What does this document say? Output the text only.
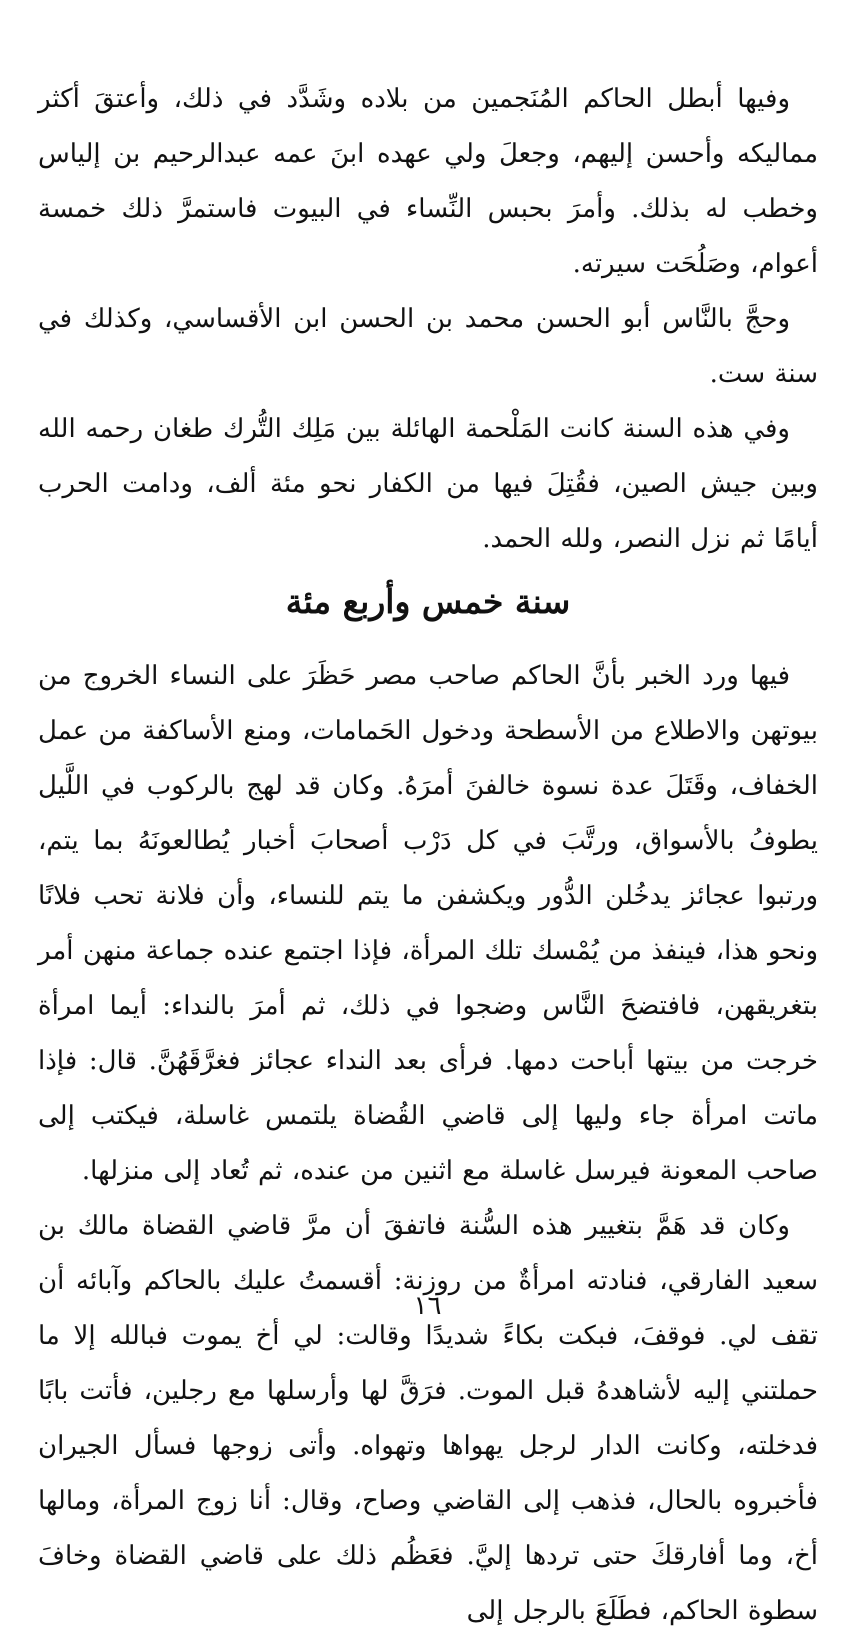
وفيها أبطل الحاكم المُنَجمين من بلاده وشَدَّد في ذلك، وأعتقَ أكثر مماليكه وأحسن إليهم، وجعلَ ولي عهده ابنَ عمه عبدالرحيم بن إلياس وخطب له بذلك. وأمرَ بحبس النِّساء في البيوت فاستمرَّ ذلك خمسة أعوام، وصَلُحَت سيرته.

وحجَّ بالنَّاس أبو الحسن محمد بن الحسن ابن الأقساسي، وكذلك في سنة ست.

وفي هذه السنة كانت المَلْحمة الهائلة بين مَلِك التُّرك طغان رحمه الله وبين جيش الصين، فقُتِلَ فيها من الكفار نحو مئة ألف، ودامت الحرب أيامًا ثم نزل النصر، ولله الحمد.

سنة خمس وأربع مئة

فيها ورد الخبر بأنَّ الحاكم صاحب مصر حَظَرَ على النساء الخروج من بيوتهن والاطلاع من الأسطحة ودخول الحَمامات، ومنع الأساكفة من عمل الخفاف، وقَتَلَ عدة نسوة خالفنَ أمرَهُ. وكان قد لهج بالركوب في اللَّيل يطوفُ بالأسواق، ورتَّبَ في كل دَرْب أصحابَ أخبار يُطالعونَهُ بما يتم، ورتبوا عجائز يدخُلن الدُّور ويكشفن ما يتم للنساء، وأن فلانة تحب فلانًا ونحو هذا، فينفذ من يُمْسك تلك المرأة، فإذا اجتمع عنده جماعة منهن أمر بتغريقهن، فافتضحَ النَّاس وضجوا في ذلك، ثم أمرَ بالنداء: أيما امرأة خرجت من بيتها أباحت دمها. فرأى بعد النداء عجائز فغرَّقَهُنَّ. قال: فإذا ماتت امرأة جاء وليها إلى قاضي القُضاة يلتمس غاسلة، فيكتب إلى صاحب المعونة فيرسل غاسلة مع اثنين من عنده، ثم تُعاد إلى منزلها.

وكان قد هَمَّ بتغيير هذه السُّنة فاتفقَ أن مرَّ قاضي القضاة مالك بن سعيد الفارقي، فنادته امرأةٌ من روزنة: أقسمتُ عليك بالحاكم وآبائه أن تقف لي. فوقفَ، فبكت بكاءً شديدًا وقالت: لي أخ يموت فبالله إلا ما حملتني إليه لأشاهدهُ قبل الموت. فرَقَّ لها وأرسلها مع رجلين، فأتت بابًا فدخلته، وكانت الدار لرجل يهواها وتهواه. وأتى زوجها فسأل الجيران فأخبروه بالحال، فذهب إلى القاضي وصاح، وقال: أنا زوج المرأة، ومالها أخ، وما أفارقكَ حتى تردها إليَّ. فعَظُم ذلك على قاضي القضاة وخافَ سطوة الحاكم، فطَلَعَ بالرجل إلى

١٦
